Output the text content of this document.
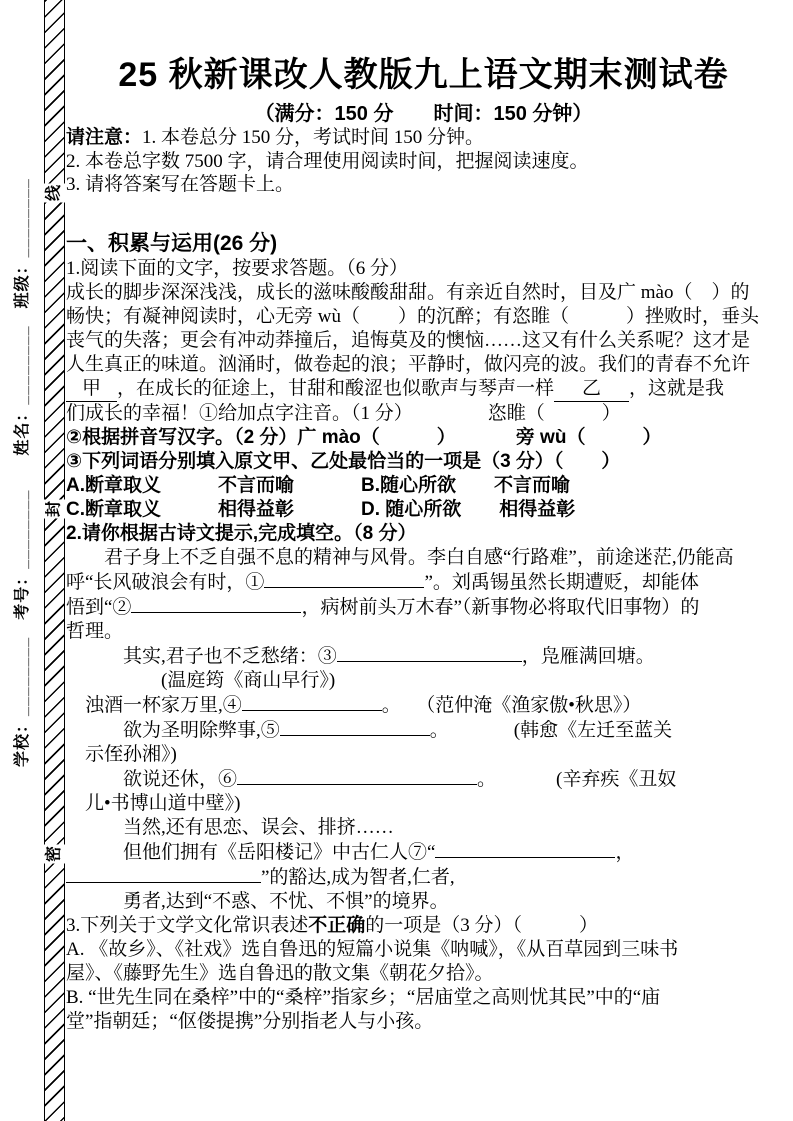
学校：________　考号：________　　姓名：________　班级：________ 线
封
密
25 秋新课改人教版九上语文期末测试卷
（满分：150 分　　时间：150 分钟）
请注意：1. 本卷总分 150 分，考试时间 150 分钟。
2. 本卷总字数 7500 字，请合理使用阅读时间，把握阅读速度。
3. 请将答案写在答题卡上。
一、积累与运用(26 分)
1.阅读下面的文字，按要求答题。（6 分）
成长的脚步深深浅浅，成长的滋味酸酸甜甜。有亲近自然时，目及广 mào（　）的
畅快；有凝神阅读时，心无旁 wù（　　）的沉醉；有恣睢（　　　）挫败时，垂头
丧气的失落；更会有冲动莽撞后，追悔莫及的懊恼……这又有什么关系呢？这才是
人生真正的味道。汹涌时，做卷起的浪；平静时，做闪亮的波。我们的青春不允许
甲 ，在成长的征途上，甘甜和酸涩也似歌声与琴声一样 乙 ，这就是我
们成长的幸福！①给加点字注音。（1 分）	恣睢（　　　）
②根据拼音写汉字。（2 分）广 mào（　　　）	旁 wù（　　　）
③下列词语分别填入原文甲、乙处最恰当的一项是（3 分）（　　）
A.断章取义　　　不言而喻	B.随心所欲　　不言而喻
C.断章取义　　　相得益彰	D. 随心所欲　　相得益彰
2.请你根据古诗文提示,完成填空。（8 分）
　　君子身上不乏自强不息的精神与风骨。李白自感“行路难”，前途迷茫,仍能高
呼“长风破浪会有时，①	”。刘禹锡虽然长期遭贬，却能体
悟到“②	，病树前头万木春”（新事物必将取代旧事物）的
哲理。
　　　其实,君子也不乏愁绪：③	，凫雁满回塘。
　　　　　(温庭筠《商山早行》)
　浊酒一杯家万里,④	。 （范仲淹《渔家傲•秋思》）
　　　欲为圣明除弊事,⑤	。	(韩愈《左迁至蓝关
　示侄孙湘》)
　　　欲说还休，⑥	。	(辛弃疾《丑奴
　儿•书博山道中壁》)
　　　当然,还有思恋、误会、排挤……
　　　但他们拥有《岳阳楼记》中古仁人⑦“	，
”的豁达,成为智者,仁者,
　　　勇者,达到“不惑、不忧、不惧”的境界。
3.下列关于文学文化常识表述不正确的一项是（3 分）（　　　）
A. 《故乡》、《社戏》选自鲁迅的短篇小说集《呐喊》，《从百草园到三味书
屋》、《藤野先生》选自鲁迅的散文集《朝花夕拾》。
B. “世先生同在桑梓”中的“桑梓”指家乡；“居庙堂之高则忧其民”中的“庙
堂”指朝廷；“伛偻提携”分别指老人与小孩。
